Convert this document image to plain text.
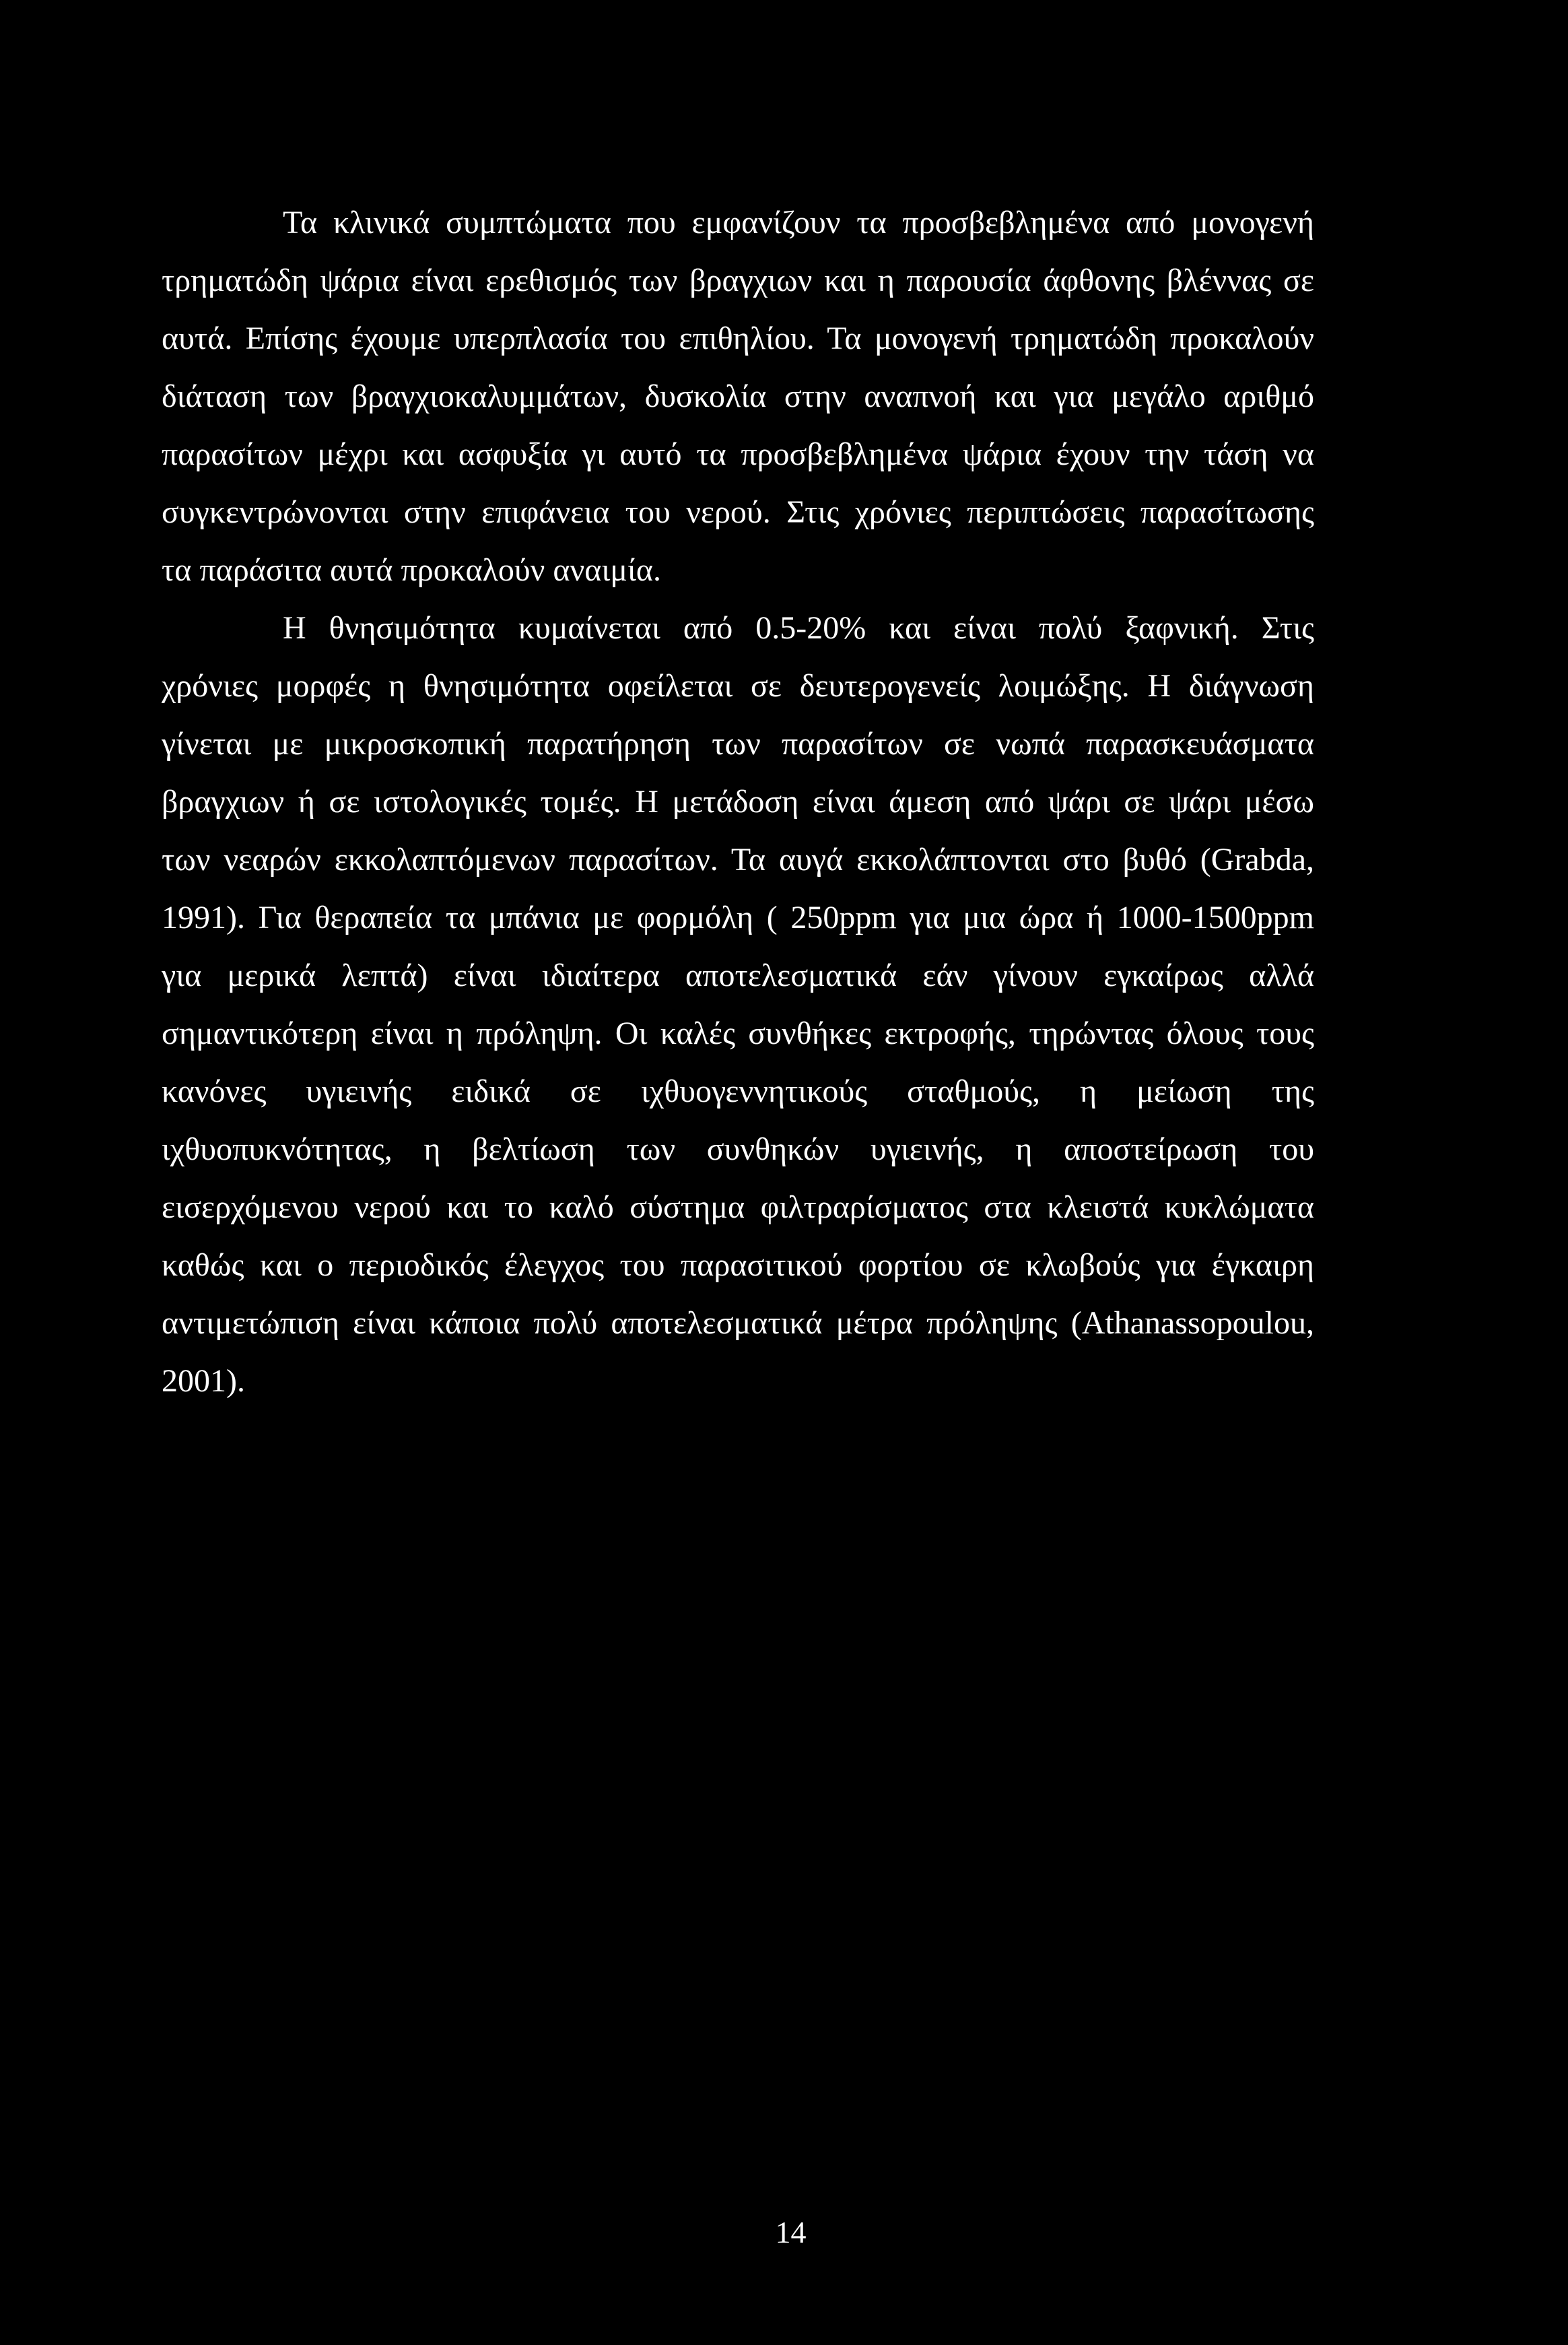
Τα κλινικά συμπτώματα που εμφανίζουν τα προσβεβλημένα από μονογενή
τρηματώδη ψάρια είναι ερεθισμός των βραγχιων και η παρουσία άφθονης βλέννας σε
αυτά. Επίσης έχουμε υπερπλασία του επιθηλίου. Τα μονογενή τρηματώδη προκαλούν
διάταση των βραγχιοκαλυμμάτων, δυσκολία στην αναπνοή και για μεγάλο αριθμό
παρασίτων μέχρι και ασφυξία γι αυτό τα προσβεβλημένα ψάρια έχουν την τάση να
συγκεντρώνονται στην επιφάνεια του νερού. Στις χρόνιες περιπτώσεις παρασίτωσης
τα παράσιτα αυτά προκαλούν αναιμία.
Η θνησιμότητα κυμαίνεται από 0.5-20% και είναι πολύ ξαφνική. Στις
χρόνιες μορφές η θνησιμότητα οφείλεται σε δευτερογενείς λοιμώξης. Η διάγνωση
γίνεται με μικροσκοπική παρατήρηση των παρασίτων σε νωπά παρασκευάσματα
βραγχιων ή σε ιστολογικές τομές. Η μετάδοση είναι άμεση από ψάρι σε ψάρι μέσω
των νεαρών εκκολαπτόμενων παρασίτων. Τα αυγά εκκολάπτονται στο βυθό (Grabda,
1991). Για θεραπεία τα μπάνια με φορμόλη ( 250ppm για μια ώρα ή 1000-1500ppm
για μερικά λεπτά) είναι ιδιαίτερα αποτελεσματικά εάν γίνουν εγκαίρως αλλά
σημαντικότερη είναι η πρόληψη. Οι καλές συνθήκες εκτροφής, τηρώντας όλους τους
κανόνες υγιεινής ειδικά σε ιχθυογεννητικούς σταθμούς, η μείωση της
ιχθυοπυκνότητας, η βελτίωση των συνθηκών υγιεινής, η αποστείρωση του
εισερχόμενου νερού και το καλό σύστημα φιλτραρίσματος στα κλειστά κυκλώματα
καθώς και ο περιοδικός έλεγχος του παρασιτικού φορτίου σε κλωβούς για έγκαιρη
αντιμετώπιση είναι κάποια πολύ αποτελεσματικά μέτρα πρόληψης (Athanassopoulou,
2001).
14
